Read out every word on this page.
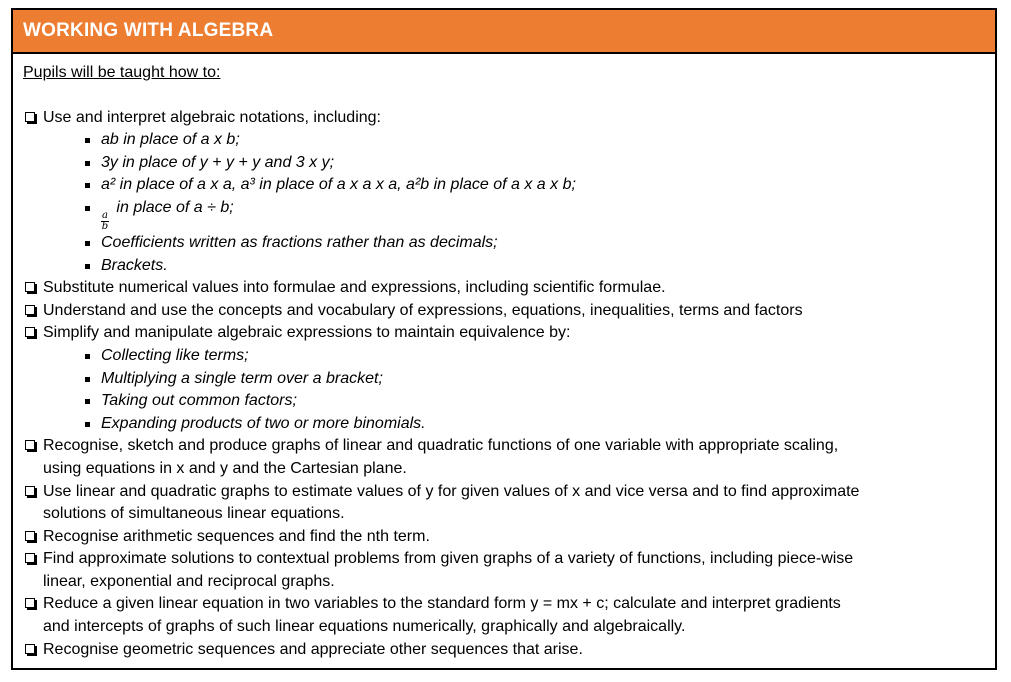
WORKING WITH ALGEBRA
Pupils will be taught how to:
Use and interpret algebraic notations, including:
ab in place of a x b;
3y in place of y + y + y and 3 x y;
a² in place of a x a, a³ in place of a x a x a, a²b in place of a x a x b;
$\frac{a}{b}$
in place of a ÷ b;
Coefficients written as fractions rather than as decimals;
Brackets.
Substitute numerical values into formulae and expressions, including scientific formulae.
Understand and use the concepts and vocabulary of expressions, equations, inequalities, terms and factors
Simplify and manipulate algebraic expressions to maintain equivalence by:
Collecting like terms;
Multiplying a single term over a bracket;
Taking out common factors;
Expanding products of two or more binomials.
Recognise, sketch and produce graphs of linear and quadratic functions of one variable with appropriate scaling,
using equations in x and y and the Cartesian plane.
Use linear and quadratic graphs to estimate values of y for given values of x and vice versa and to find approximate
solutions of simultaneous linear equations.
Recognise arithmetic sequences and find the nth term.
Find approximate solutions to contextual problems from given graphs of a variety of functions, including piece-wise
linear, exponential and reciprocal graphs.
Reduce a given linear equation in two variables to the standard form y = mx + c; calculate and interpret gradients
and intercepts of graphs of such linear equations numerically, graphically and algebraically.
Recognise geometric sequences and appreciate other sequences that arise.
